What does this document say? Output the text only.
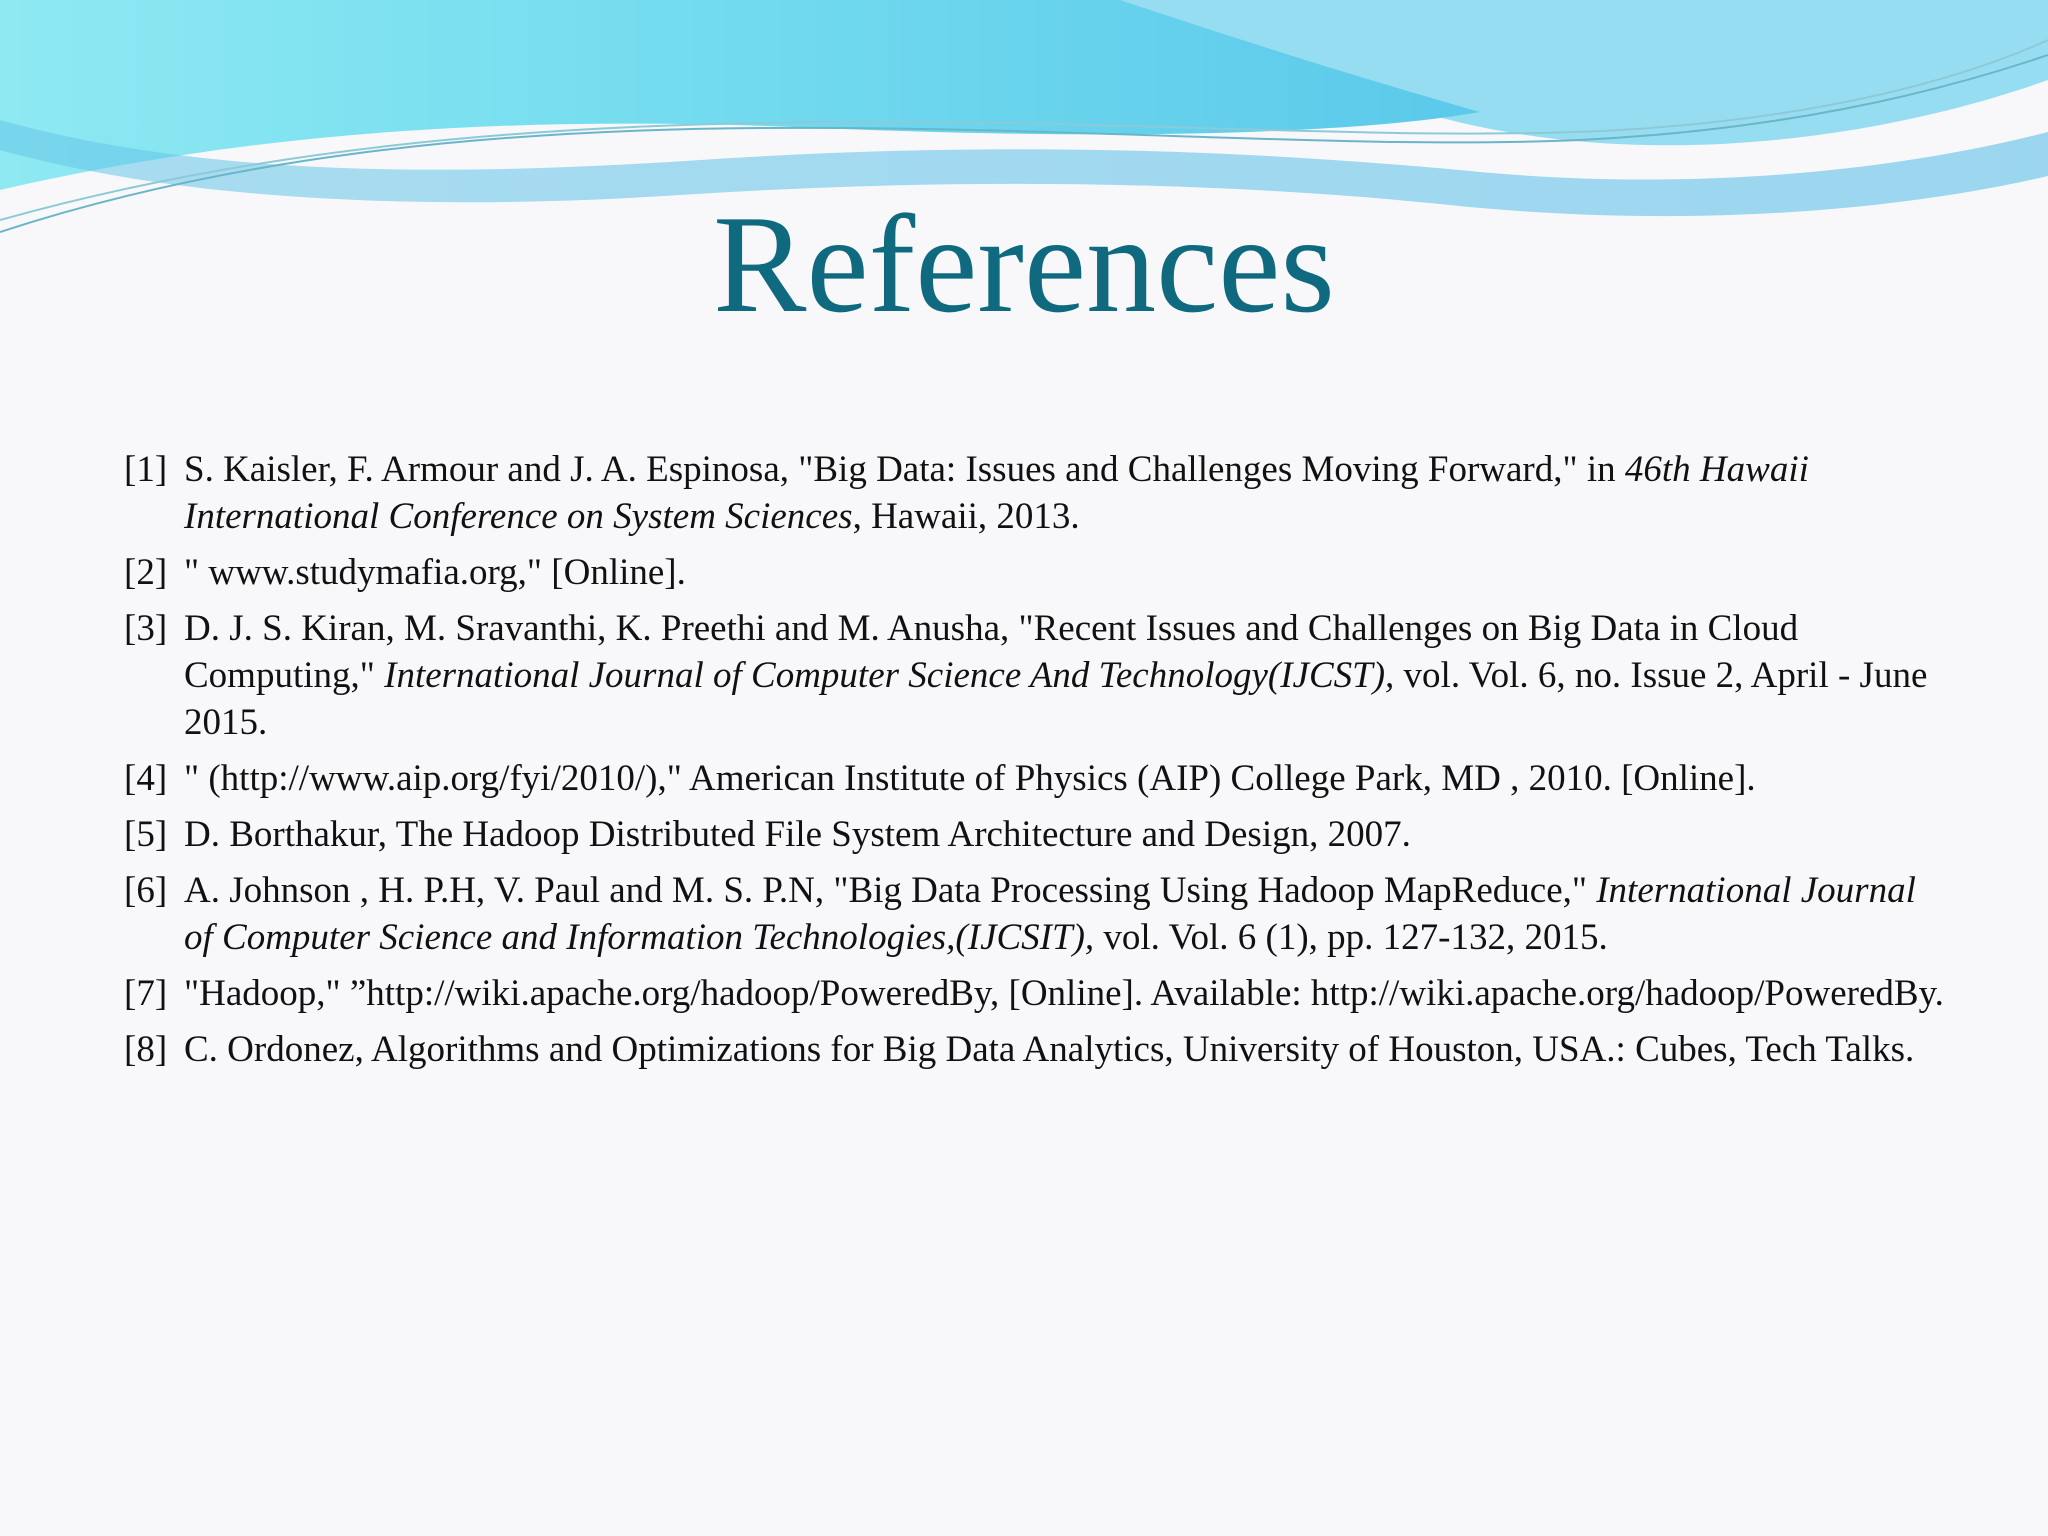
References
[1] S. Kaisler, F. Armour and J. A. Espinosa, "Big Data: Issues and Challenges Moving Forward," in 46th Hawaii International Conference on System Sciences, Hawaii, 2013.
[2] " www.studymafia.org," [Online].
[3] D. J. S. Kiran, M. Sravanthi, K. Preethi and M. Anusha, "Recent Issues and Challenges on Big Data in Cloud Computing," International Journal of Computer Science And Technology(IJCST), vol. Vol. 6, no. Issue 2, April - June 2015.
[4] " (http://www.aip.org/fyi/2010/)," American Institute of Physics (AIP) College Park, MD , 2010. [Online].
[5] D. Borthakur, The Hadoop Distributed File System Architecture and Design, 2007.
[6] A. Johnson , H. P.H, V. Paul and M. S. P.N, "Big Data Processing Using Hadoop MapReduce," International Journal of Computer Science and Information Technologies,(IJCSIT), vol. Vol. 6 (1), pp. 127-132, 2015.
[7] "Hadoop," ”http://wiki.apache.org/hadoop/PoweredBy, [Online]. Available: http://wiki.apache.org/hadoop/PoweredBy.
[8] C. Ordonez, Algorithms and Optimizations for Big Data Analytics, University of Houston, USA.: Cubes, Tech Talks.
